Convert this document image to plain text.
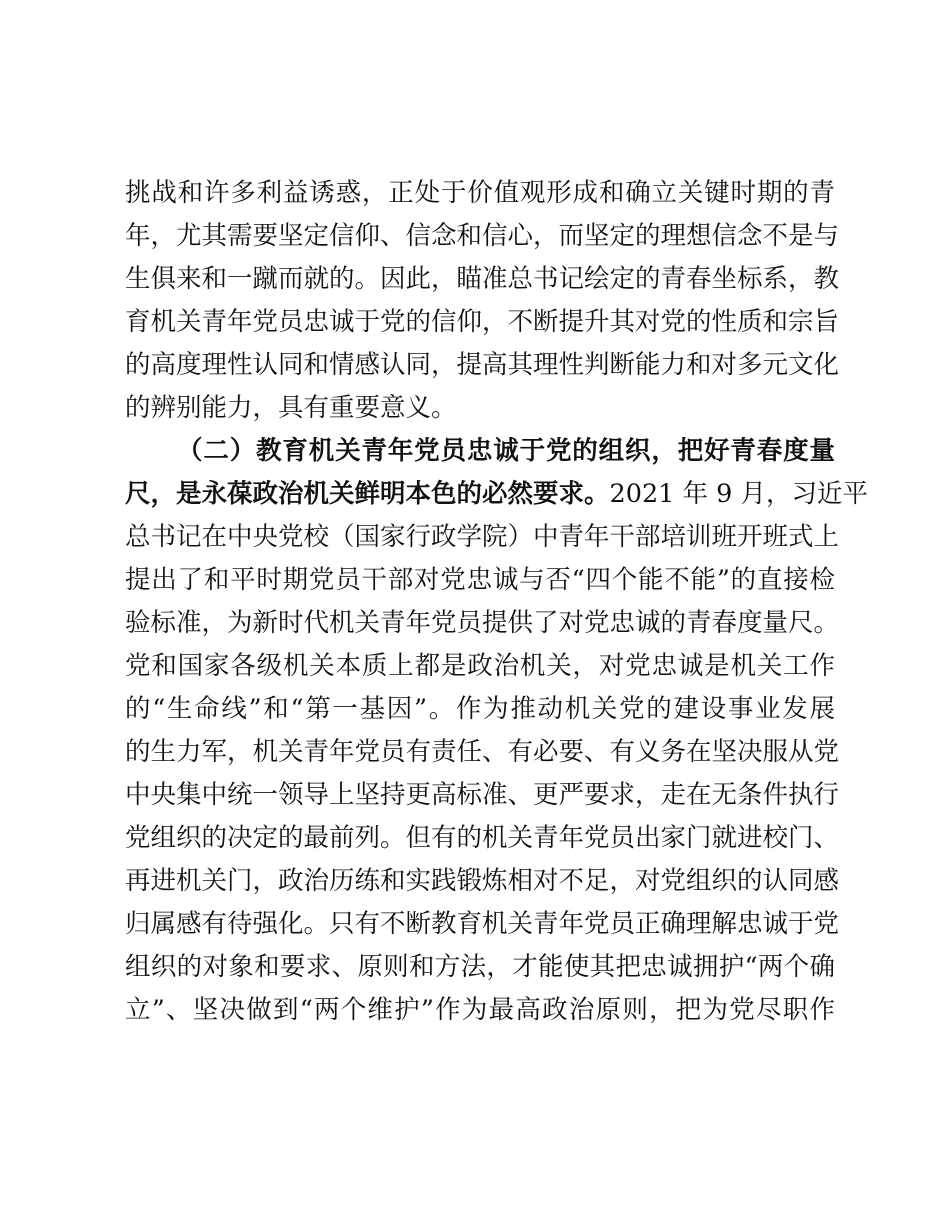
挑战和许多利益诱惑，正处于价值观形成和确立关键时期的青
年，尤其需要坚定信仰、信念和信心，而坚定的理想信念不是与
生俱来和一蹴而就的。因此，瞄准总书记绘定的青春坐标系，教
育机关青年党员忠诚于党的信仰，不断提升其对党的性质和宗旨
的高度理性认同和情感认同，提高其理性判断能力和对多元文化
的辨别能力，具有重要意义。
（二）教育机关青年党员忠诚于党的组织，把好青春度量
尺，是永葆政治机关鲜明本色的必然要求。2021 年 9 月，习近平
总书记在中央党校（国家行政学院）中青年干部培训班开班式上
提出了和平时期党员干部对党忠诚与否“四个能不能”的直接检
验标准，为新时代机关青年党员提供了对党忠诚的青春度量尺。
党和国家各级机关本质上都是政治机关，对党忠诚是机关工作
的“生命线”和“第一基因”。作为推动机关党的建设事业发展
的生力军，机关青年党员有责任、有必要、有义务在坚决服从党
中央集中统一领导上坚持更高标准、更严要求，走在无条件执行
党组织的决定的最前列。但有的机关青年党员出家门就进校门、
再进机关门，政治历练和实践锻炼相对不足，对党组织的认同感
归属感有待强化。只有不断教育机关青年党员正确理解忠诚于党
组织的对象和要求、原则和方法，才能使其把忠诚拥护“两个确
立”、坚决做到“两个维护”作为最高政治原则，把为党尽职作
